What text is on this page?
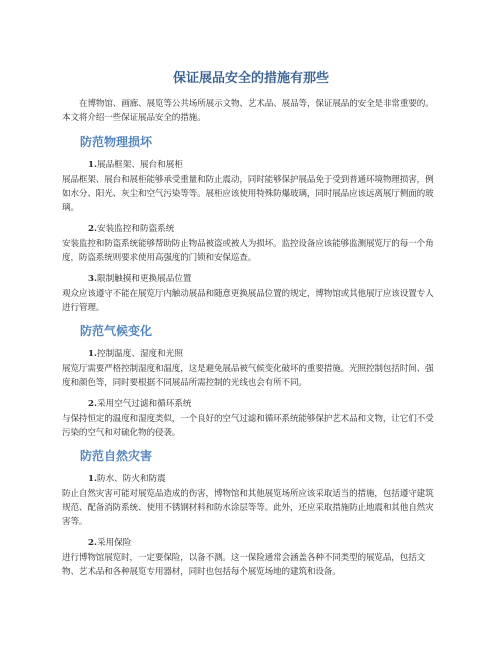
保证展品安全的措施有那些

在博物馆、画廊、展览等公共场所展示文物、艺术品、展品等，保证展品的安全是非常重要的。本文将介绍一些保证展品安全的措施。

防范物理损坏
1.展品框架、展台和展柜

展品框架、展台和展柜能够承受重量和防止震动，同时能够保护展品免于受到普通环境物理损害，例如水分、阳光、灰尘和空气污染等等。展柜应该使用特殊防爆玻璃，同时展品应该远离展厅侧面的玻璃。

2.安装监控和防盗系统

安装监控和防盗系统能够帮助防止物品被盗或被人为损坏。监控设备应该能够监测展览厅的每一个角度，防盗系统则要求使用高强度的门锁和安保巡查。

3.限制触摸和更换展品位置

观众应该遵守不能在展览厅内触动展品和随意更换展品位置的规定，博物馆或其他展厅应该设置专人进行管理。

防范气候变化
1.控制温度、湿度和光照

展览厅需要严格控制湿度和温度，这是避免展品被气候变化破坏的重要措施。光照控制包括时间、强度和颜色等，同时要根据不同展品所需控制的光线也会有所不同。

2.采用空气过滤和循环系统

与保持恒定的温度和湿度类似，一个良好的空气过滤和循环系统能够保护艺术品和文物，让它们不受污染的空气和对硫化物的侵袭。

防范自然灾害
1.防水、防火和防震

防止自然灾害可能对展览品造成的伤害，博物馆和其他展览场所应该采取适当的措施，包括遵守建筑规范、配备消防系统、使用不锈钢材料和防水涂层等等。此外，还应采取措施防止地震和其他自然灾害等。

2.采用保险

进行博物馆展览时，一定要保险，以备不测。这一保险通常会涵盖各种不同类型的展览品，包括文物、艺术品和各种展览专用器材，同时也包括每个展览场地的建筑和设备。
